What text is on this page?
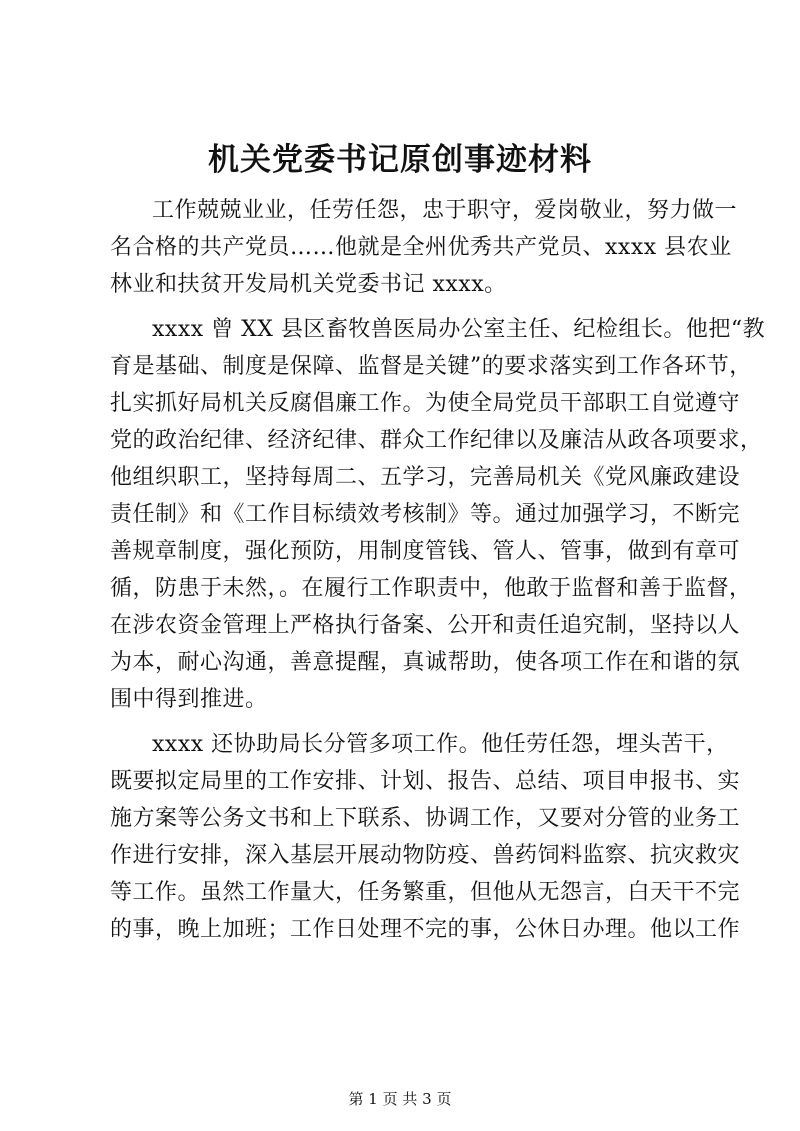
机关党委书记原创事迹材料
工作兢兢业业，任劳任怨，忠于职守，爱岗敬业，努力做一
名合格的共产党员……他就是全州优秀共产党员、xxxx 县农业
林业和扶贫开发局机关党委书记 xxxx。
xxxx 曾 XX 县区畜牧兽医局办公室主任、纪检组长。他把“教
育是基础、制度是保障、监督是关键”的要求落实到工作各环节，
扎实抓好局机关反腐倡廉工作。为使全局党员干部职工自觉遵守
党的政治纪律、经济纪律、群众工作纪律以及廉洁从政各项要求，
他组织职工，坚持每周二、五学习，完善局机关《党风廉政建设
责任制》和《工作目标绩效考核制》等。通过加强学习，不断完
善规章制度，强化预防，用制度管钱、管人、管事，做到有章可
循，防患于未然，。在履行工作职责中，他敢于监督和善于监督，
在涉农资金管理上严格执行备案、公开和责任追究制，坚持以人
为本，耐心沟通，善意提醒，真诚帮助，使各项工作在和谐的氛
围中得到推进。
xxxx 还协助局长分管多项工作。他任劳任怨，埋头苦干，
既要拟定局里的工作安排、计划、报告、总结、项目申报书、实
施方案等公务文书和上下联系、协调工作，又要对分管的业务工
作进行安排，深入基层开展动物防疫、兽药饲料监察、抗灾救灾
等工作。虽然工作量大，任务繁重，但他从无怨言，白天干不完
的事，晚上加班；工作日处理不完的事，公休日办理。他以工作
第 1 页 共 3 页
